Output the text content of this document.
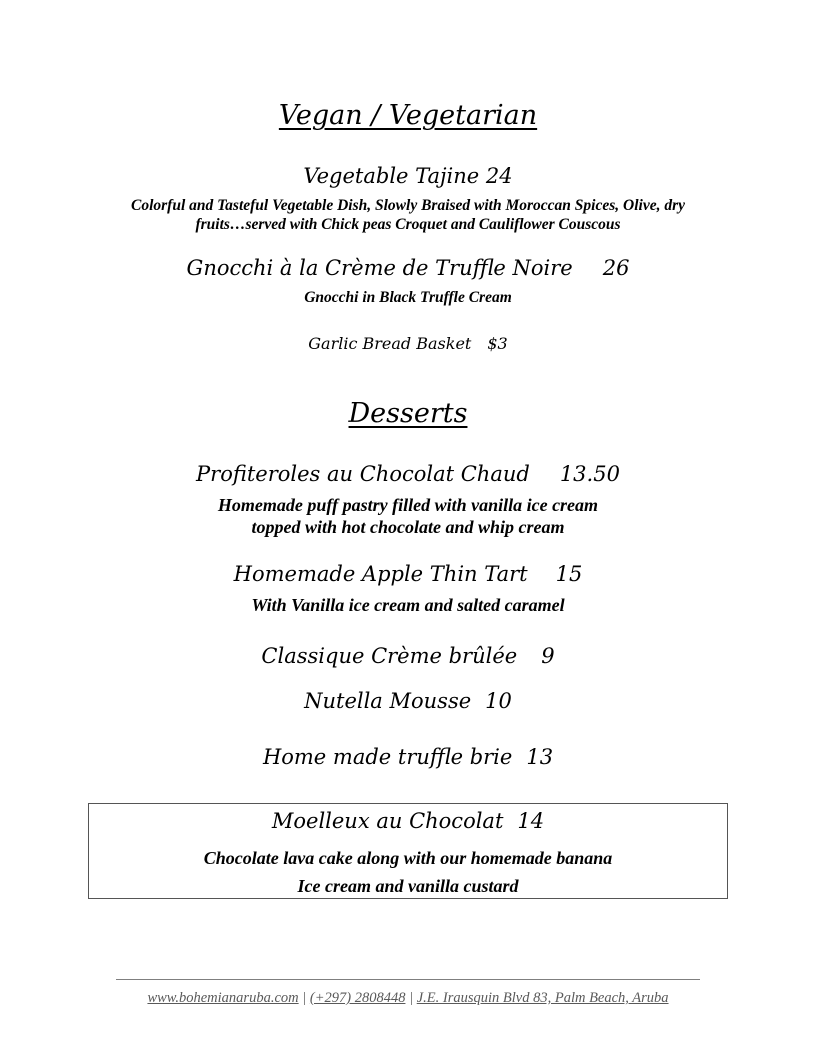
Vegan / Vegetarian
Vegetable Tajine 24
Colorful and Tasteful Vegetable Dish, Slowly Braised with Moroccan Spices, Olive, dry
fruits…served with Chick peas Croquet and Cauliflower Couscous
Gnocchi à la Crème de Truffle Noire 26
Gnocchi in Black Truffle Cream
Garlic Bread Basket $3
Desserts
Profiteroles au Chocolat Chaud 13.50
Homemade puff pastry filled with vanilla ice cream
topped with hot chocolate and whip cream
Homemade Apple Thin Tart 15
With Vanilla ice cream and salted caramel
Classique Crème brûlée 9
Nutella Mousse 10
Home made truffle brie 13
Moelleux au Chocolat 14
Chocolate lava cake along with our homemade banana
Ice cream and vanilla custard
www.bohemianaruba.com | (+297) 2808448 | J.E. Irausquin Blvd 83, Palm Beach, Aruba
